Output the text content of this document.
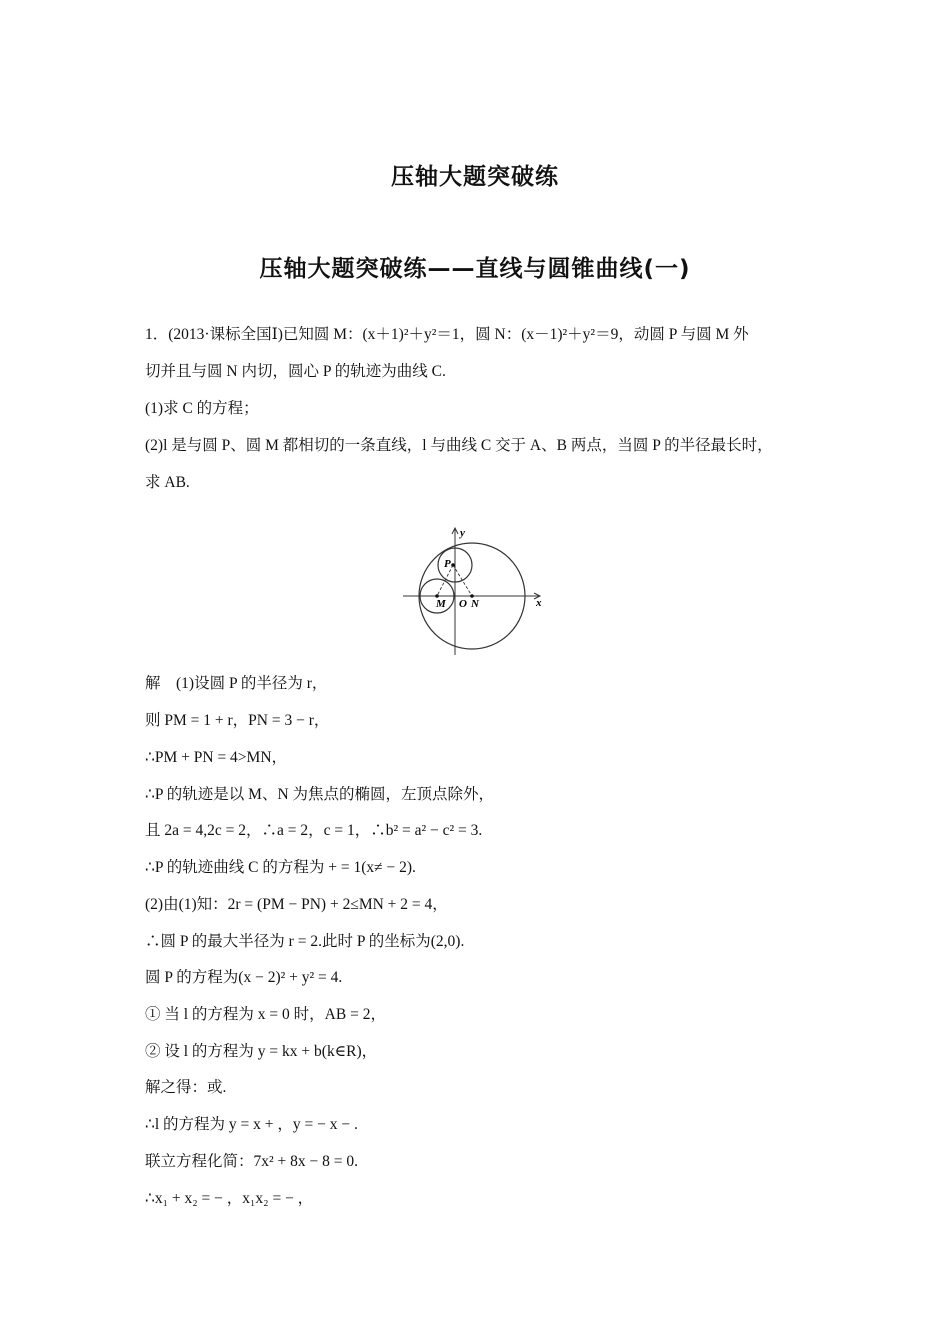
压轴大题突破练
压轴大题突破练——直线与圆锥曲线(一)
1．(2013·课标全国Ⅰ)已知圆 M：(x＋1)²＋y²＝1，圆 N：(x－1)²＋y²＝9，动圆 P 与圆 M 外
切并且与圆 N 内切，圆心 P 的轨迹为曲线 C.
(1)求 C 的方程；
(2)l 是与圆 P、圆 M 都相切的一条直线，l 与曲线 C 交于 A、B 两点，当圆 P 的半径最长时，
求 AB.
y
x
P
M O N
解　(1)设圆 P 的半径为 r，
则 PM = 1 + r，PN = 3 − r，
∴PM + PN = 4>MN，
∴P 的轨迹是以 M、N 为焦点的椭圆，左顶点除外，
且 2a = 4,2c = 2，∴a = 2，c = 1，∴b² = a² − c² = 3.
∴P 的轨迹曲线 C 的方程为 + = 1(x≠ − 2).
(2)由(1)知：2r = (PM − PN) + 2≤MN + 2 = 4，
∴圆 P 的最大半径为 r = 2.此时 P 的坐标为(2,0).
圆 P 的方程为(x − 2)² + y² = 4.
① 当 l 的方程为 x = 0 时，AB = 2，
② 设 l 的方程为 y = kx + b(k∈R)，
解之得：或.
∴l 的方程为 y = x + ，y = − x − .
联立方程化简：7x² + 8x − 8 = 0.
∴x₁ + x₂ = − ，x₁x₂ = − ，
